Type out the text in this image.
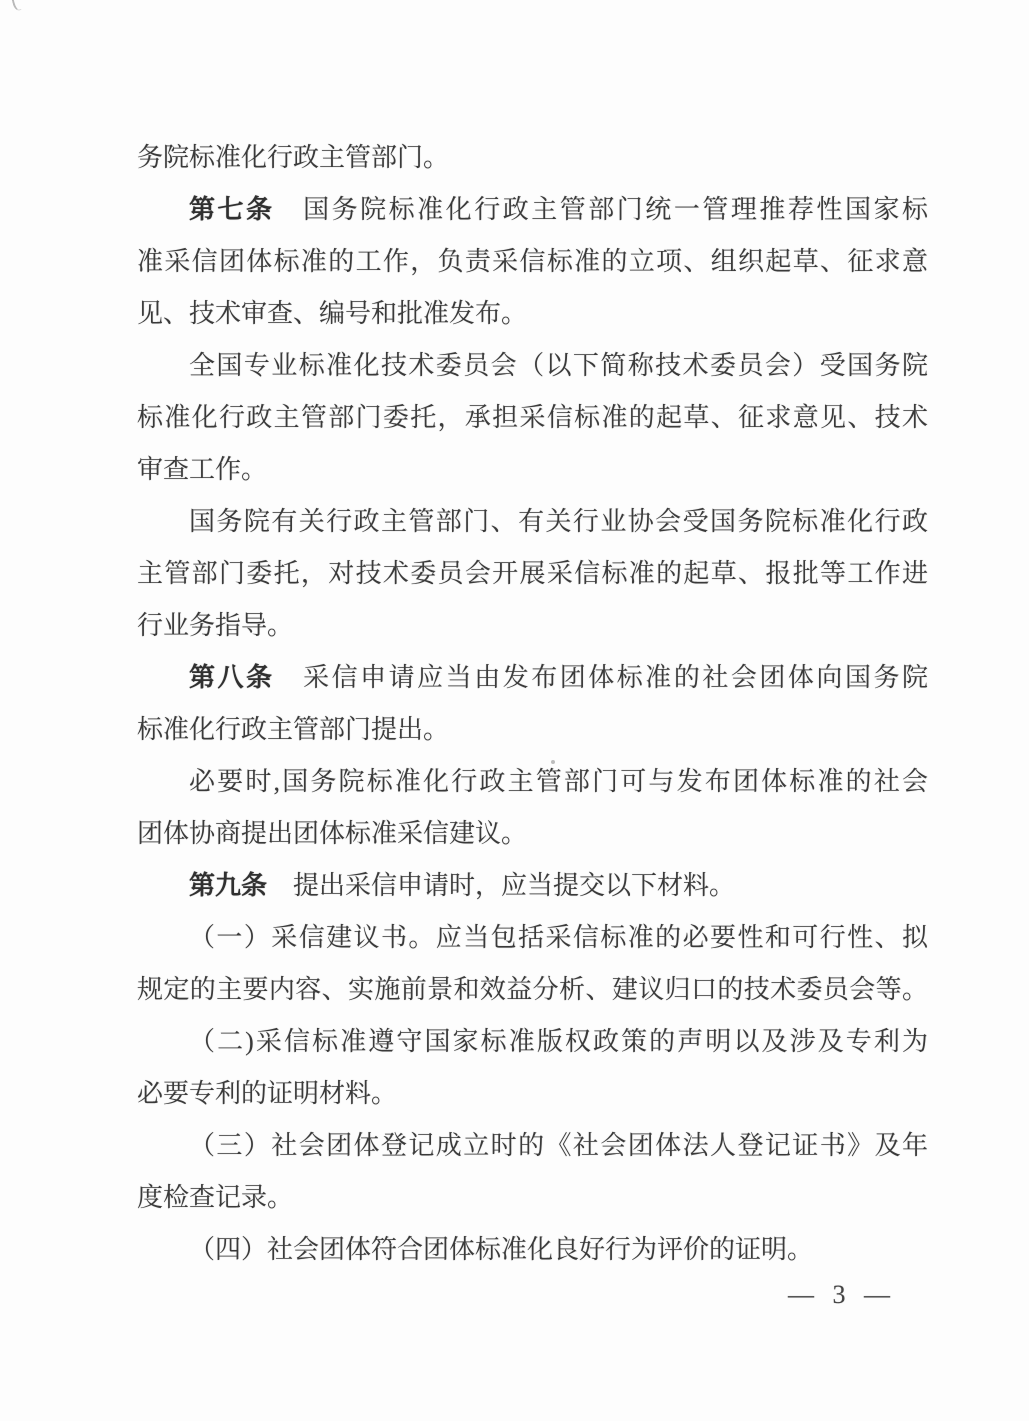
务院标准化行政主管部门。
第七条　国务院标准化行政主管部门统一管理推荐性国家标
准采信团体标准的工作，负责采信标准的立项、组织起草、征求意
见、技术审查、编号和批准发布。
全国专业标准化技术委员会（以下简称技术委员会）受国务院
标准化行政主管部门委托，承担采信标准的起草、征求意见、技术
审查工作。
国务院有关行政主管部门、有关行业协会受国务院标准化行政
主管部门委托，对技术委员会开展采信标准的起草、报批等工作进
行业务指导。
第八条　采信申请应当由发布团体标准的社会团体向国务院
标准化行政主管部门提出。
必要时,国务院标准化行政主管部门可与发布团体标准的社会
团体协商提出团体标准采信建议。
第九条　提出采信申请时，应当提交以下材料。
（一）采信建议书。应当包括采信标准的必要性和可行性、拟
规定的主要内容、实施前景和效益分析、建议归口的技术委员会等。
（二)采信标准遵守国家标准版权政策的声明以及涉及专利为
必要专利的证明材料。
（三）社会团体登记成立时的《社会团体法人登记证书》及年
度检查记录。
（四）社会团体符合团体标准化良好行为评价的证明。
— 3 —
